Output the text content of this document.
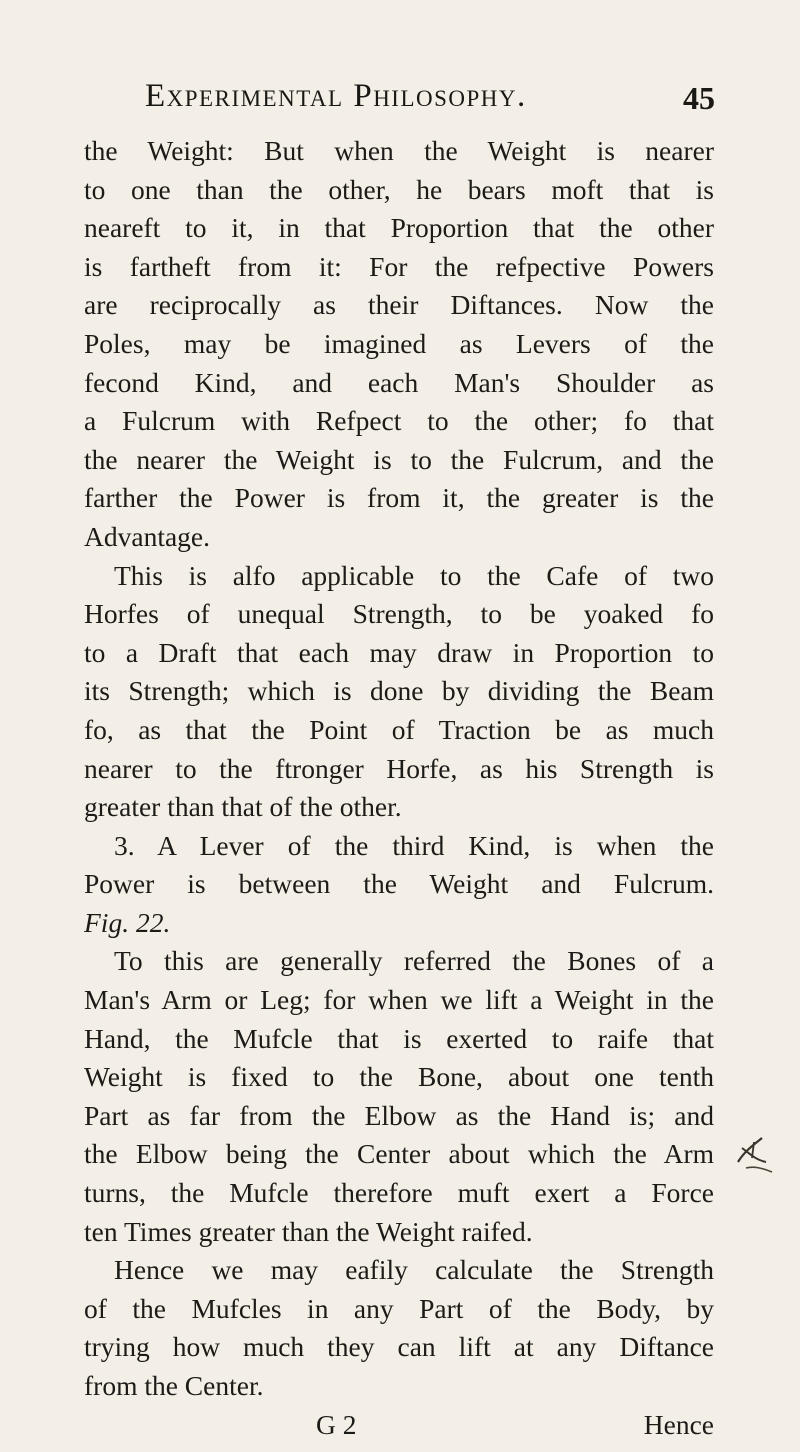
Experimental Philosophy.	45
the Weight: But when the Weight is nearer
to one than the other, he bears moft that is
neareft to it, in that Proportion that the other
is fartheft from it: For the refpective Powers
are reciprocally as their Diftances. Now the
Poles, may be imagined as Levers of the
fecond Kind, and each Man's Shoulder as
a Fulcrum with Refpect to the other; fo that
the nearer the Weight is to the Fulcrum, and the
farther the Power is from it, the greater is the
Advantage.
This is alfo applicable to the Cafe of two
Horfes of unequal Strength, to be yoaked fo
to a Draft that each may draw in Proportion to
its Strength; which is done by dividing the Beam
fo, as that the Point of Traction be as much
nearer to the ftronger Horfe, as his Strength is
greater than that of the other.
3. A Lever of the third Kind, is when the
Power is between the Weight and Fulcrum.
Fig. 22.
To this are generally referred the Bones of a
Man's Arm or Leg; for when we lift a Weight in the
Hand, the Mufcle that is exerted to raife that
Weight is fixed to the Bone, about one tenth
Part as far from the Elbow as the Hand is; and
the Elbow being the Center about which the Arm
turns, the Mufcle therefore muft exert a Force
ten Times greater than the Weight raifed.
Hence we may eafily calculate the Strength
of the Mufcles in any Part of the Body, by
trying how much they can lift at any Diftance
from the Center.
G 2	Hence
